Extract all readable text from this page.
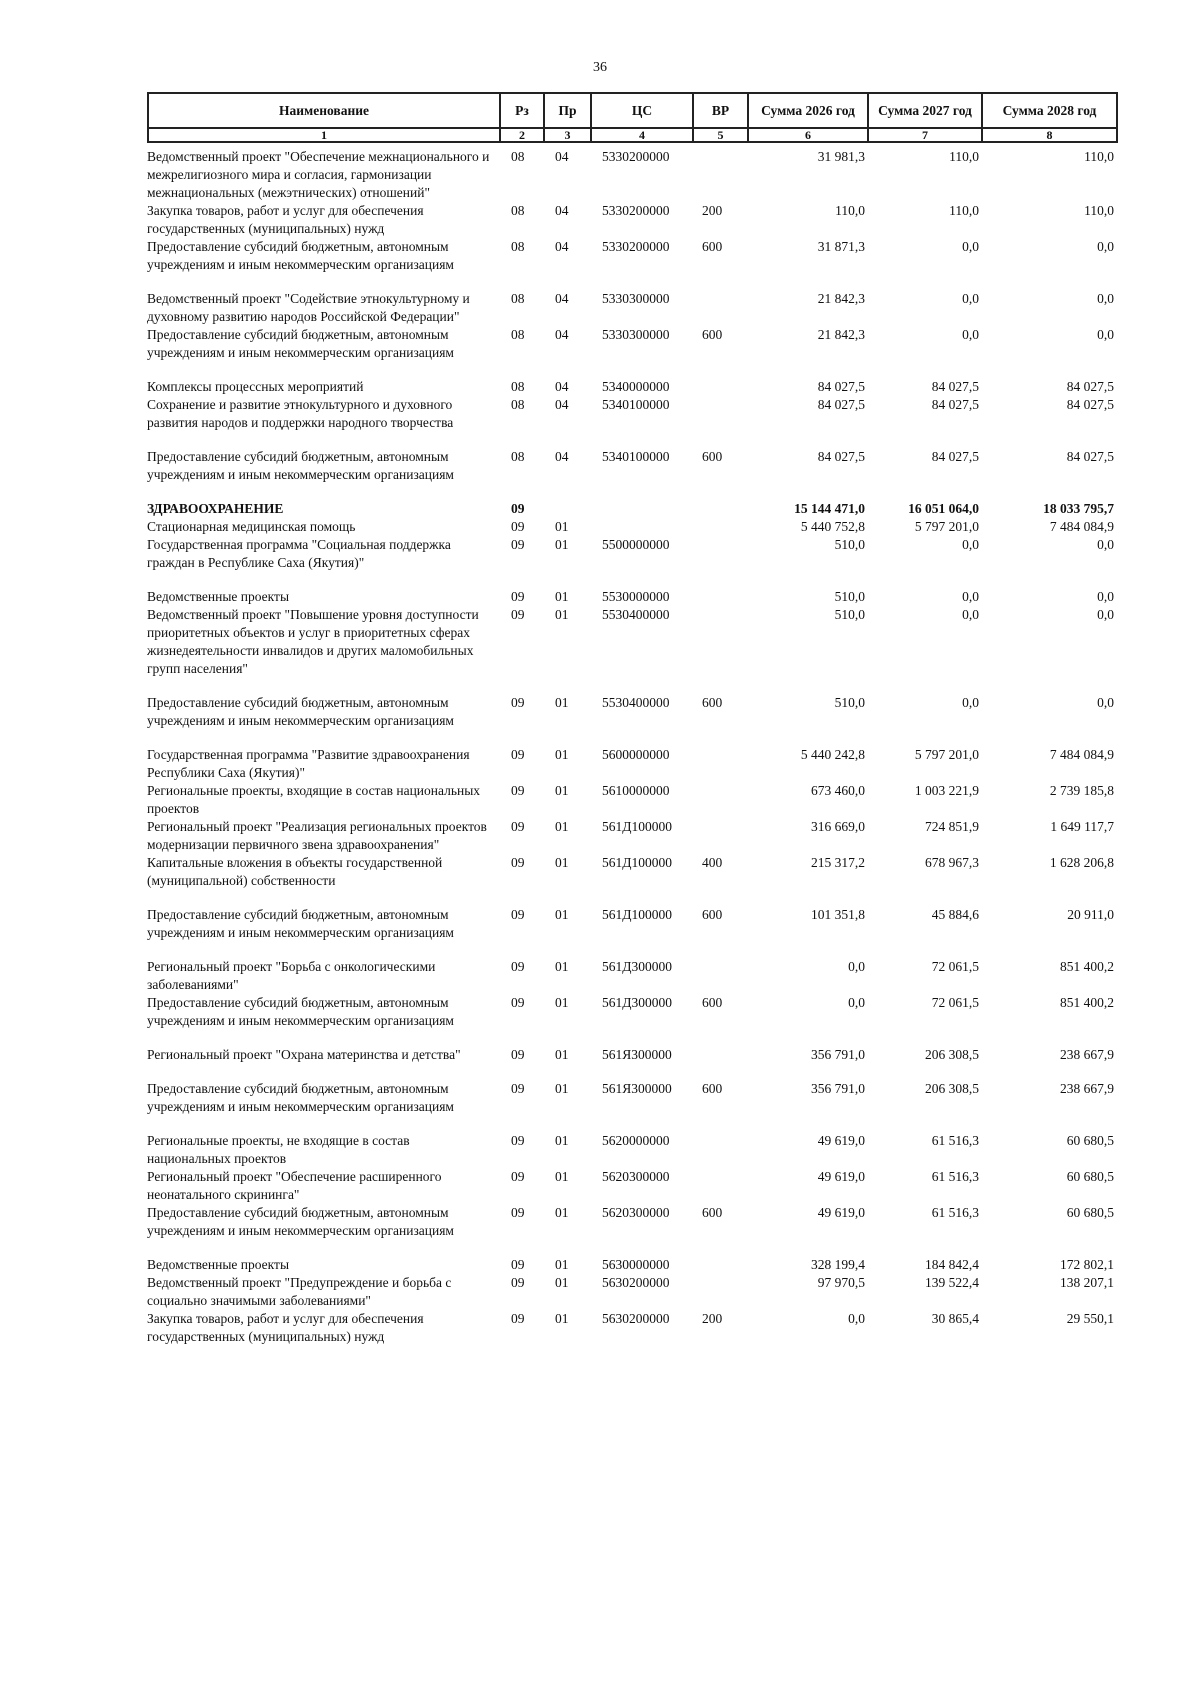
36
Наименование	Рз	Пр	ЦС	ВР	Сумма 2026 год	Сумма 2027 год	Сумма 2028 год
1	2	3	4	5	6	7	8
Ведомственный проект "Обеспечение межнационального и межрелигиозного мира и согласия, гармонизации межнациональных (межэтнических) отношений"	08	04	5330200000		31 981,3	110,0	110,0
Закупка товаров, работ и услуг для обеспечения государственных (муниципальных) нужд	08	04	5330200000	200	110,0	110,0	110,0
Предоставление субсидий бюджетным, автономным учреждениям и иным некоммерческим организациям	08	04	5330200000	600	31 871,3	0,0	0,0

Ведомственный проект "Содействие этнокультурному и духовному развитию народов Российской Федерации"	08	04	5330300000		21 842,3	0,0	0,0
Предоставление субсидий бюджетным, автономным учреждениям и иным некоммерческим организациям	08	04	5330300000	600	21 842,3	0,0	0,0

Комплексы процессных мероприятий	08	04	5340000000		84 027,5	84 027,5	84 027,5
Сохранение и развитие этнокультурного и духовного развития народов и поддержки народного творчества	08	04	5340100000		84 027,5	84 027,5	84 027,5

Предоставление субсидий бюджетным, автономным учреждениям и иным некоммерческим организациям	08	04	5340100000	600	84 027,5	84 027,5	84 027,5

ЗДРАВООХРАНЕНИЕ	09				15 144 471,0	16 051 064,0	18 033 795,7
Стационарная медицинская помощь	09	01			5 440 752,8	5 797 201,0	7 484 084,9
Государственная программа "Социальная поддержка граждан в Республике Саха (Якутия)"	09	01	5500000000		510,0	0,0	0,0

Ведомственные проекты	09	01	5530000000		510,0	0,0	0,0
Ведомственный проект "Повышение уровня доступности приоритетных объектов и услуг в приоритетных сферах жизнедеятельности инвалидов и других маломобильных групп населения"	09	01	5530400000		510,0	0,0	0,0

Предоставление субсидий бюджетным, автономным учреждениям и иным некоммерческим организациям	09	01	5530400000	600	510,0	0,0	0,0

Государственная программа "Развитие здравоохранения Республики Саха (Якутия)"	09	01	5600000000		5 440 242,8	5 797 201,0	7 484 084,9
Региональные проекты, входящие в состав национальных проектов	09	01	5610000000		673 460,0	1 003 221,9	2 739 185,8
Региональный проект "Реализация региональных проектов модернизации первичного звена здравоохранения"	09	01	561Д100000		316 669,0	724 851,9	1 649 117,7
Капитальные вложения в объекты государственной (муниципальной) собственности	09	01	561Д100000	400	215 317,2	678 967,3	1 628 206,8

Предоставление субсидий бюджетным, автономным учреждениям и иным некоммерческим организациям	09	01	561Д100000	600	101 351,8	45 884,6	20 911,0

Региональный проект "Борьба с онкологическими заболеваниями"	09	01	561Д300000		0,0	72 061,5	851 400,2
Предоставление субсидий бюджетным, автономным учреждениям и иным некоммерческим организациям	09	01	561Д300000	600	0,0	72 061,5	851 400,2

Региональный проект "Охрана материнства и детства"	09	01	561Я300000		356 791,0	206 308,5	238 667,9

Предоставление субсидий бюджетным, автономным учреждениям и иным некоммерческим организациям	09	01	561Я300000	600	356 791,0	206 308,5	238 667,9

Региональные проекты, не входящие в состав национальных проектов	09	01	5620000000		49 619,0	61 516,3	60 680,5
Региональный проект "Обеспечение расширенного неонатального скрининга"	09	01	5620300000		49 619,0	61 516,3	60 680,5
Предоставление субсидий бюджетным, автономным учреждениям и иным некоммерческим организациям	09	01	5620300000	600	49 619,0	61 516,3	60 680,5

Ведомственные проекты	09	01	5630000000		328 199,4	184 842,4	172 802,1
Ведомственный проект "Предупреждение и борьба с социально значимыми заболеваниями"	09	01	5630200000		97 970,5	139 522,4	138 207,1
Закупка товаров, работ и услуг для обеспечения государственных (муниципальных) нужд	09	01	5630200000	200	0,0	30 865,4	29 550,1
